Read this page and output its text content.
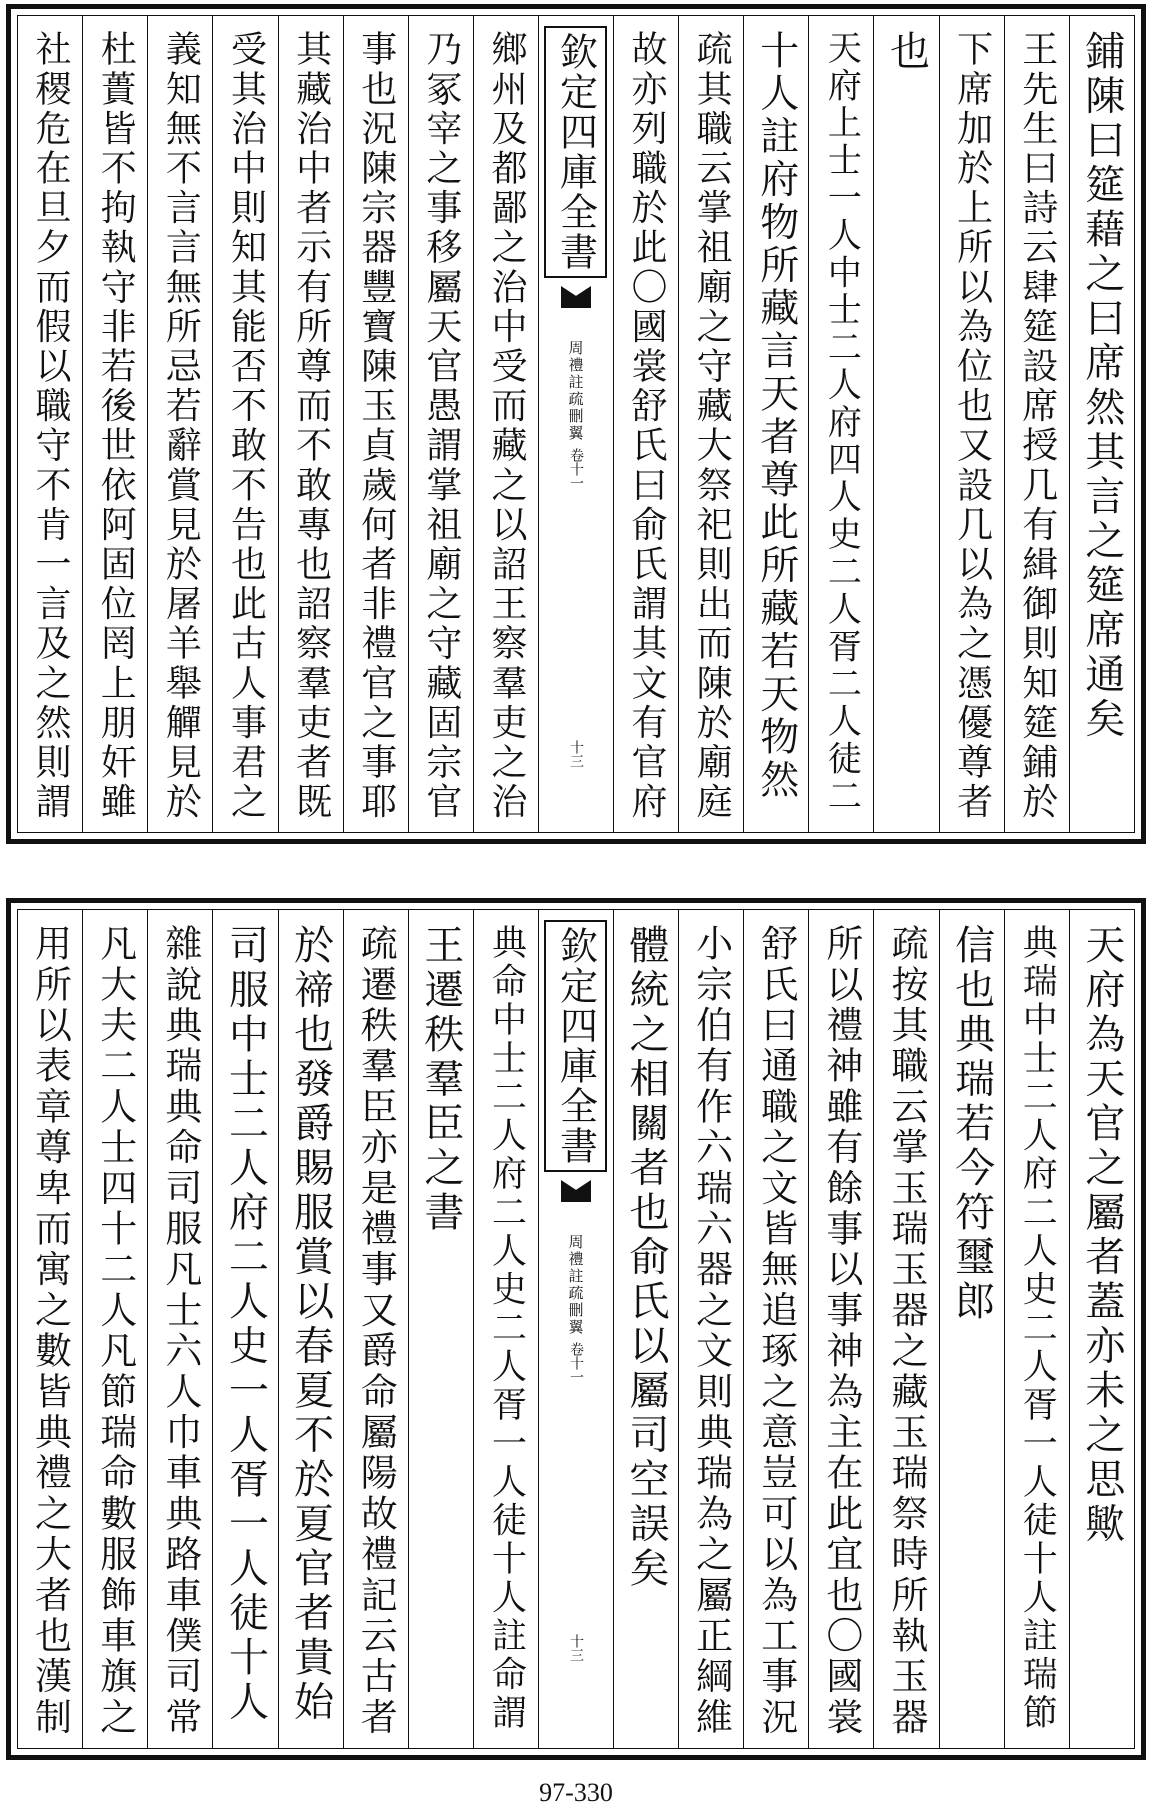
鋪陳曰筵藉之曰席然其言之筵席通矣
王先生曰詩云肆筵設席授几有緝御則知筵鋪於
下席加於上所以為位也又設几以為之憑優尊者
也
天府上士一人中士二人府四人史二人胥二人徒二
十人註府物所藏言天者尊此所藏若天物然
疏其職云掌祖廟之守藏大祭祀則出而陳於廟庭
故亦列職於此〇國裳舒氏曰俞氏謂其文有官府
欽定四庫全書
周禮註疏刪翼
卷十一
十三
鄉州及都鄙之治中受而藏之以詔王察羣吏之治
乃冢宰之事移屬天官愚謂掌祖廟之守藏固宗官
事也況陳宗器豐寶陳玉貞歲何者非禮官之事耶
其藏治中者示有所尊而不敢專也詔察羣吏者既
受其治中則知其能否不敢不告也此古人事君之
義知無不言言無所忌若辭賞見於屠羊舉觶見於
杜蕢皆不拘執守非若後世依阿固位罔上朋奸雖
社稷危在旦夕而假以職守不肯一言及之然則謂
天府為天官之屬者蓋亦未之思歟
典瑞中士二人府二人史二人胥一人徒十人註瑞節
信也典瑞若今符璽郎
疏按其職云掌玉瑞玉器之藏玉瑞祭時所執玉器
所以禮神雖有餘事以事神為主在此宜也〇國裳
舒氏曰通職之文皆無追琢之意豈可以為工事況
小宗伯有作六瑞六器之文則典瑞為之屬正綱維
體統之相關者也俞氏以屬司空誤矣
欽定四庫全書
周禮註疏刪翼
卷十一
十三
典命中士二人府二人史二人胥一人徒十人註命謂
王遷秩羣臣之書
疏遷秩羣臣亦是禮事又爵命屬陽故禮記云古者
於禘也發爵賜服賞以春夏不於夏官者貴始
司服中士二人府二人史一人胥一人徒十人
雜說典瑞典命司服凡士六人巾車典路車僕司常
凡大夫二人士四十二人凡節瑞命數服飾車旗之
用所以表章尊卑而寓之數皆典禮之大者也漢制
97-330
